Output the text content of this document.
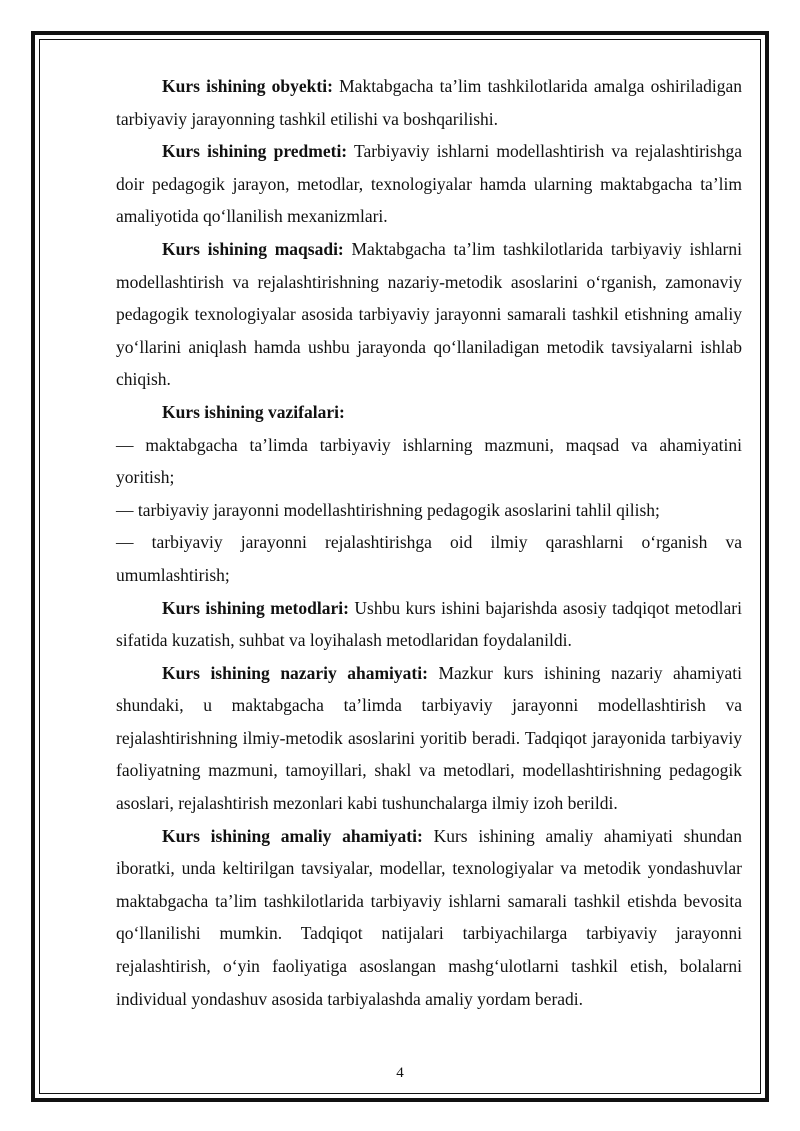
Kurs ishining obyekti: Maktabgacha ta’lim tashkilotlarida amalga oshiriladigan tarbiyaviy jarayonning tashkil etilishi va boshqarilishi.

Kurs ishining predmeti: Tarbiyaviy ishlarni modellashtirish va rejalashtirishga doir pedagogik jarayon, metodlar, texnologiyalar hamda ularning maktabgacha ta’lim amaliyotida qo‘llanilish mexanizmlari.

Kurs ishining maqsadi: Maktabgacha ta’lim tashkilotlarida tarbiyaviy ishlarni modellashtirish va rejalashtirishning nazariy-metodik asoslarini o‘rganish, zamonaviy pedagogik texnologiyalar asosida tarbiyaviy jarayonni samarali tashkil etishning amaliy yo‘llarini aniqlash hamda ushbu jarayonda qo‘llaniladigan metodik tavsiyalarni ishlab chiqish.

Kurs ishining vazifalari:

— maktabgacha ta’limda tarbiyaviy ishlarning mazmuni, maqsad va ahamiyatini yoritish;

— tarbiyaviy jarayonni modellashtirishning pedagogik asoslarini tahlil qilish;

— tarbiyaviy jarayonni rejalashtirishga oid ilmiy qarashlarni o‘rganish va umumlashtirish;

Kurs ishining metodlari: Ushbu kurs ishini bajarishda asosiy tadqiqot metodlari sifatida kuzatish, suhbat va loyihalash metodlaridan foydalanildi.

Kurs ishining nazariy ahamiyati: Mazkur kurs ishining nazariy ahamiyati shundaki, u maktabgacha ta’limda tarbiyaviy jarayonni modellashtirish va rejalashtirishning ilmiy-metodik asoslarini yoritib beradi. Tadqiqot jarayonida tarbiyaviy faoliyatning mazmuni, tamoyillari, shakl va metodlari, modellashtirishning pedagogik asoslari, rejalashtirish mezonlari kabi tushunchalarga ilmiy izoh berildi.

Kurs ishining amaliy ahamiyati: Kurs ishining amaliy ahamiyati shundan iboratki, unda keltirilgan tavsiyalar, modellar, texnologiyalar va metodik yondashuvlar maktabgacha ta’lim tashkilotlarida tarbiyaviy ishlarni samarali tashkil etishda bevosita qo‘llanilishi mumkin. Tadqiqot natijalari tarbiyachilarga tarbiyaviy jarayonni rejalashtirish, o‘yin faoliyatiga asoslangan mashg‘ulotlarni tashkil etish, bolalarni individual yondashuv asosida tarbiyalashda amaliy yordam beradi.

4
